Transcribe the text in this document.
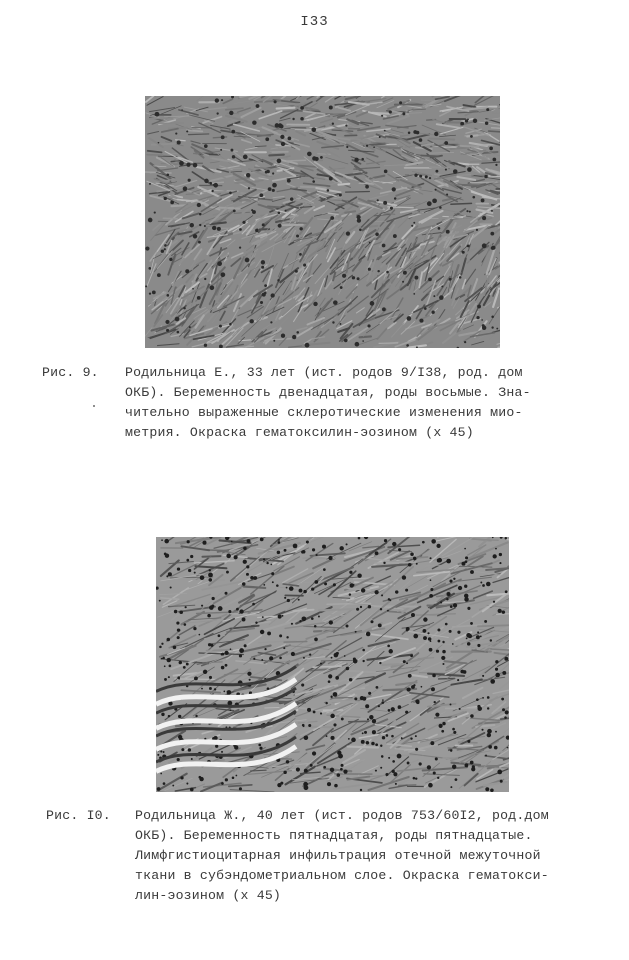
I33
Рис. 9. Родильница Е., 33 лет (ист. родов 9/I38, род. дом
ОКБ). Беременность двенадцатая, роды восьмые. Зна-
чительно выраженные склеротические изменения мио-
метрия. Окраска гематоксилин-эозином (х 45)
Рис. I0. Родильница Ж., 40 лет (ист. родов 753/60I2, род.дом
ОКБ). Беременность пятнадцатая, роды пятнадцатые.
Лимфгистиоцитарная инфильтрация отечной межуточной
ткани в субэндометриальном слое. Окраска гематокси-
лин-эозином (х 45)
